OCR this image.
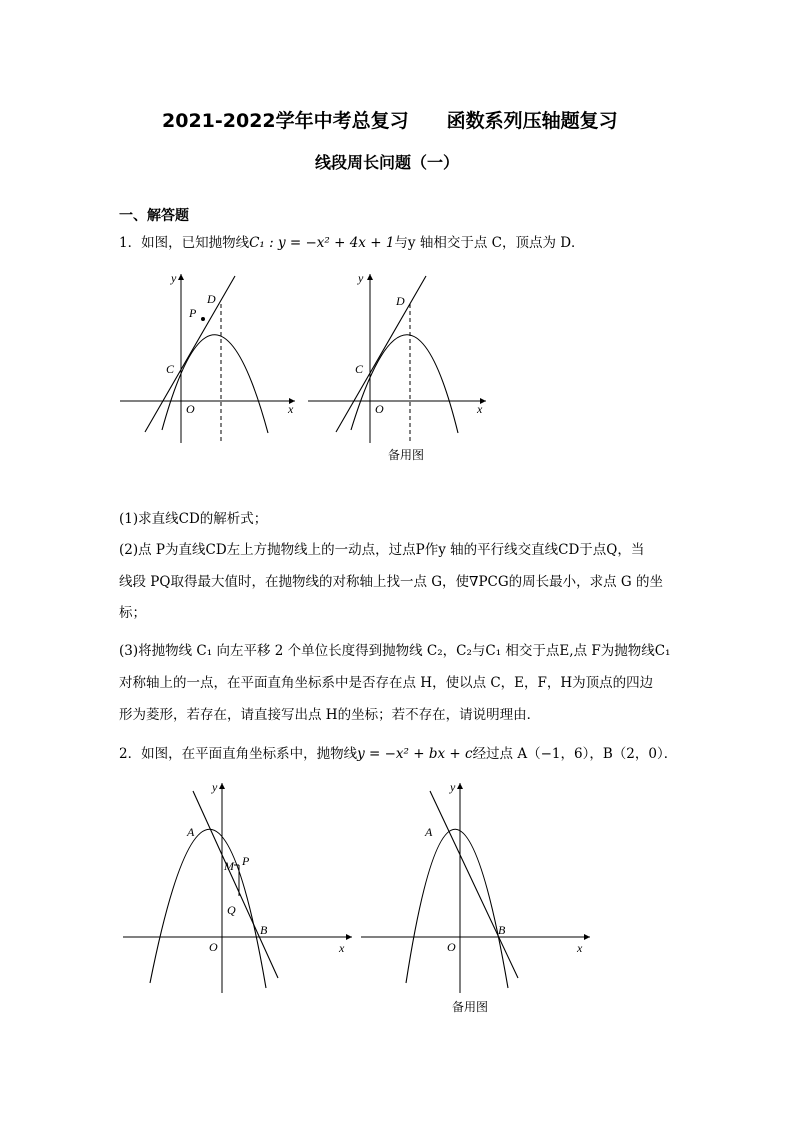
2021-2022学年中考总复习　　函数系列压轴题复习
线段周长问题（一）
一、解答题
1．如图，已知抛物线C₁ : y = −x² + 4x + 1与y 轴相交于点 C，顶点为 D．
y
x
O
C
D
P
y
x
O
C
D
备用图
(1)求直线CD的解析式；
(2)点 P为直线CD左上方抛物线上的一动点，过点P作y 轴的平行线交直线CD于点Q，当
线段 PQ取得最大值时，在抛物线的对称轴上找一点 G，使∇PCG的周长最小，求点 G 的坐
标；
(3)将抛物线 C₁ 向左平移 2 个单位长度得到抛物线 C₂，C₂与C₁ 相交于点E,点 F为抛物线C₁
对称轴上的一点，在平面直角坐标系中是否存在点 H，使以点 C，E，F，H为顶点的四边
形为菱形，若存在，请直接写出点 H的坐标；若不存在，请说明理由．
2．如图，在平面直角坐标系中，抛物线y = −x² + bx + c经过点 A（−1，6），B（2，0）．
y
x
O
A
B
M P
Q
y
x
O
A
B
备用图
